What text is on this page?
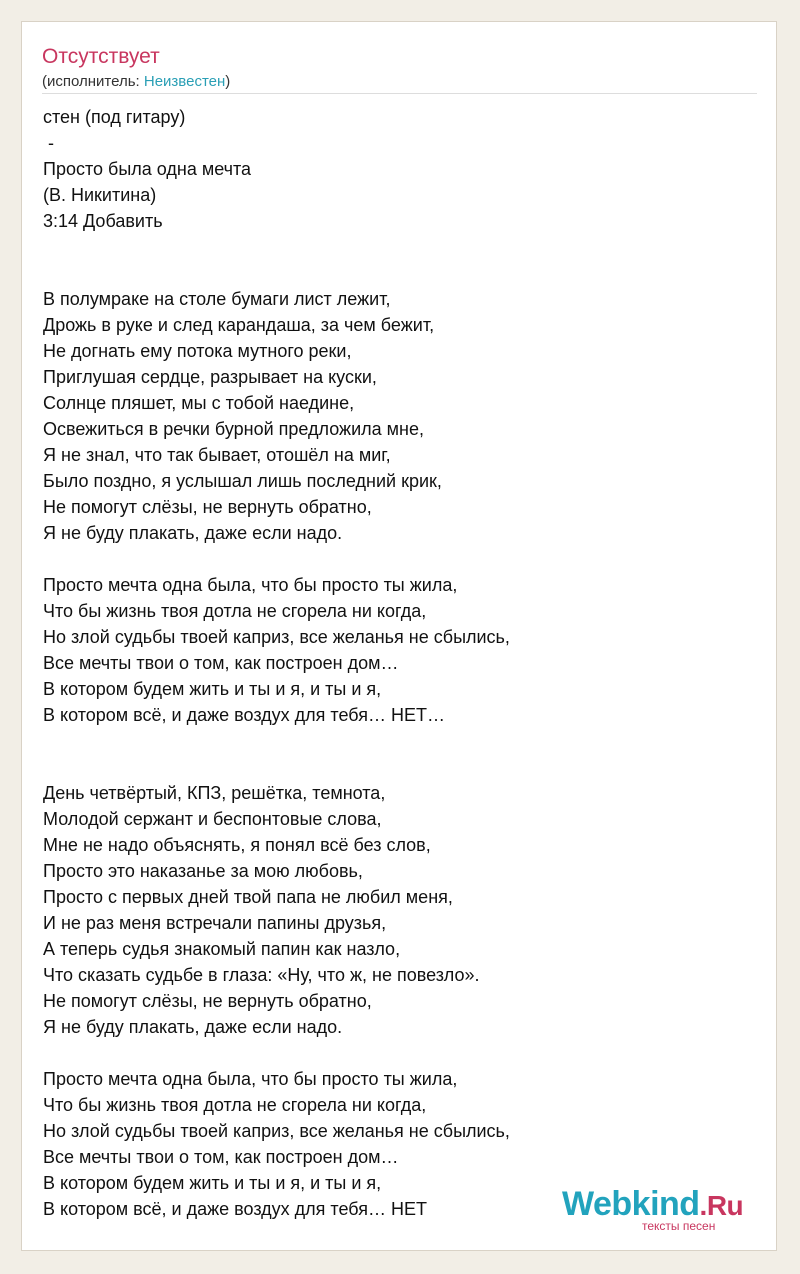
Отсутствует
(исполнитель: Неизвестен)
стен (под гитару)
-
Просто была одна мечта
(В. Никитина)
3:14 Добавить
В полумраке на столе бумаги лист лежит,
Дрожь в руке и след карандаша, за чем бежит,
Не догнать ему потока мутного реки,
Приглушая сердце, разрывает на куски,
Солнце пляшет, мы с тобой наедине,
Освежиться в речки бурной предложила мне,
Я не знал, что так бывает, отошёл на миг,
Было поздно, я услышал лишь последний крик,
Не помогут слёзы, не вернуть обратно,
Я не буду плакать, даже если надо.
Просто мечта одна была, что бы просто ты жила,
Что бы жизнь твоя дотла не сгорела ни когда,
Но злой судьбы твоей каприз, все желанья не сбылись,
Все мечты твои о том, как построен дом…
В котором будем жить и ты и я, и ты и я,
В котором всё, и даже воздух для тебя… НЕТ…
День четвёртый, КПЗ, решётка, темнота,
Молодой сержант и беспонтовые слова,
Мне не надо объяснять, я понял всё без слов,
Просто это наказанье за мою любовь,
Просто с первых дней твой папа не любил меня,
И не раз меня встречали папины друзья,
А теперь судья знакомый папин как назло,
Что сказать судьбе в глаза: «Ну, что ж, не повезло».
Не помогут слёзы, не вернуть обратно,
Я не буду плакать, даже если надо.
Просто мечта одна была, что бы просто ты жила,
Что бы жизнь твоя дотла не сгорела ни когда,
Но злой судьбы твоей каприз, все желанья не сбылись,
Все мечты твои о том, как построен дом…
В котором будем жить и ты и я, и ты и я,
В котором всё, и даже воздух для тебя… НЕТ	Webkind.Ru
тексты песен
